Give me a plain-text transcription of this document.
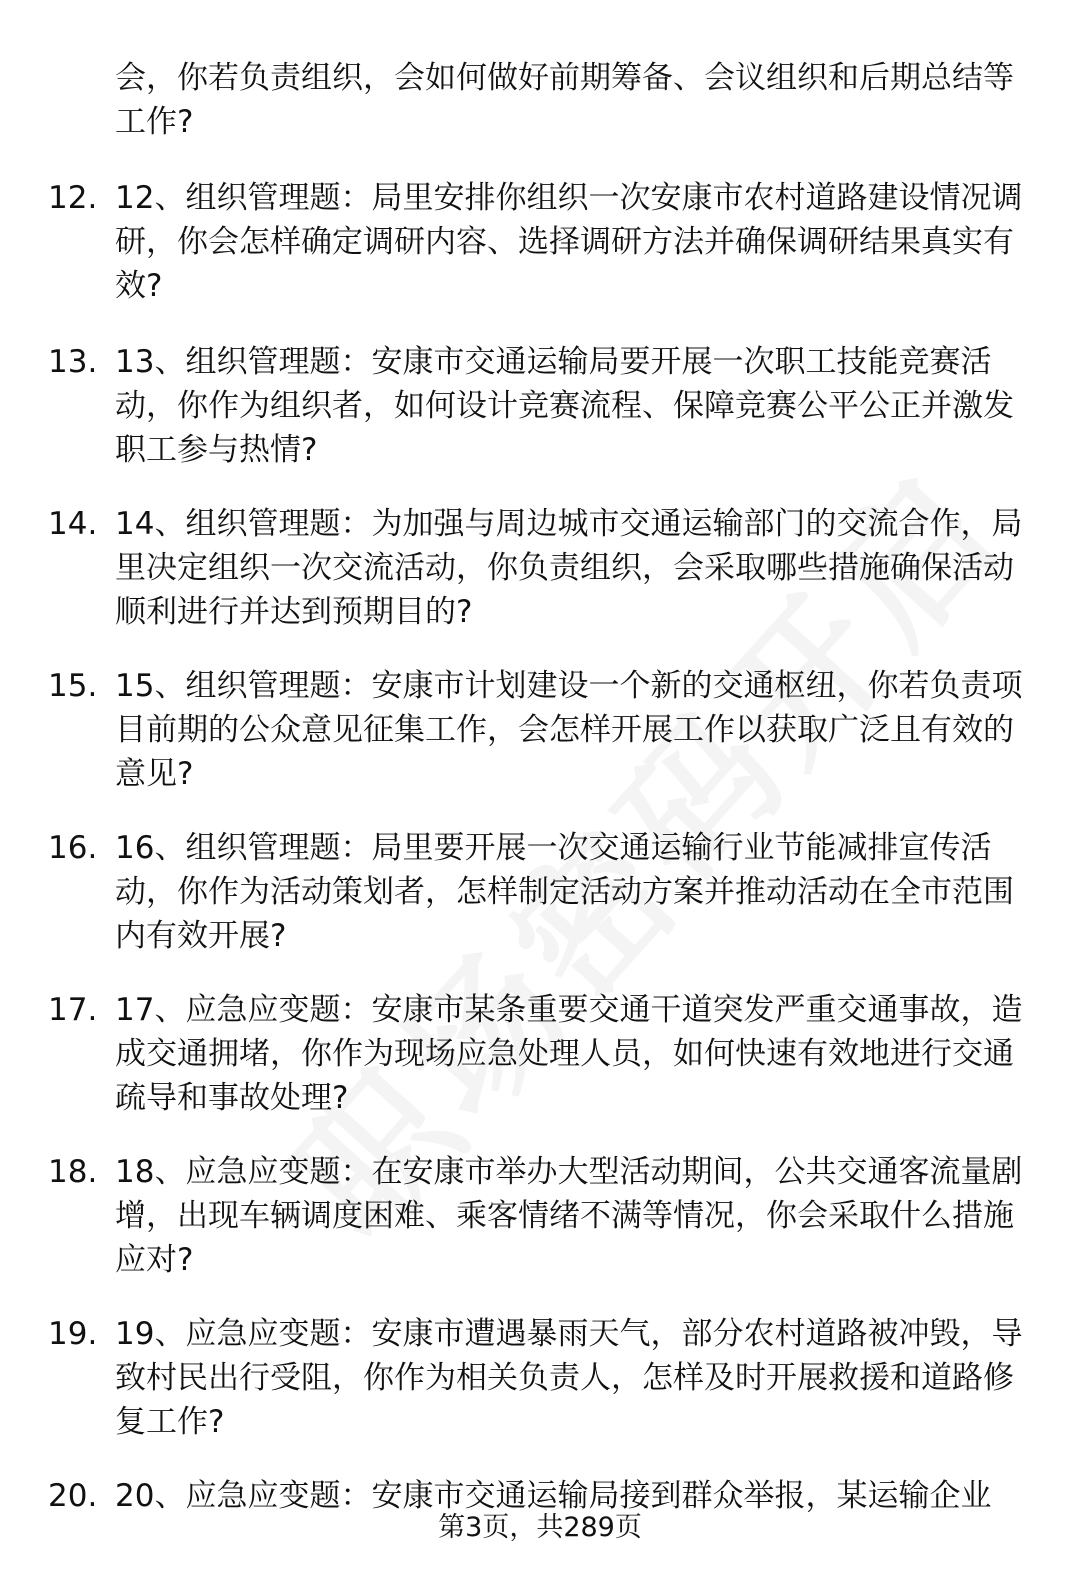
会，你若负责组织，会如何做好前期筹备、会议组织和后期总结等工作?
12. 12、组织管理题：局里安排你组织一次安康市农村道路建设情况调研，你会怎样确定调研内容、选择调研方法并确保调研结果真实有效?
13. 13、组织管理题：安康市交通运输局要开展一次职工技能竞赛活动，你作为组织者，如何设计竞赛流程、保障竞赛公平公正并激发职工参与热情?
14. 14、组织管理题：为加强与周边城市交通运输部门的交流合作，局里决定组织一次交流活动，你负责组织，会采取哪些措施确保活动顺利进行并达到预期目的?
15. 15、组织管理题：安康市计划建设一个新的交通枢纽，你若负责项目前期的公众意见征集工作，会怎样开展工作以获取广泛且有效的意见?
16. 16、组织管理题：局里要开展一次交通运输行业节能减排宣传活动，你作为活动策划者，怎样制定活动方案并推动活动在全市范围内有效开展?
17. 17、应急应变题：安康市某条重要交通干道突发严重交通事故，造成交通拥堵，你作为现场应急处理人员，如何快速有效地进行交通疏导和事故处理?
18. 18、应急应变题：在安康市举办大型活动期间，公共交通客流量剧增，出现车辆调度困难、乘客情绪不满等情况，你会采取什么措施应对?
19. 19、应急应变题：安康市遭遇暴雨天气，部分农村道路被冲毁，导致村民出行受阻，你作为相关负责人，怎样及时开展救援和道路修复工作?
20. 20、应急应变题：安康市交通运输局接到群众举报，某运输企业
第3页，共289页
